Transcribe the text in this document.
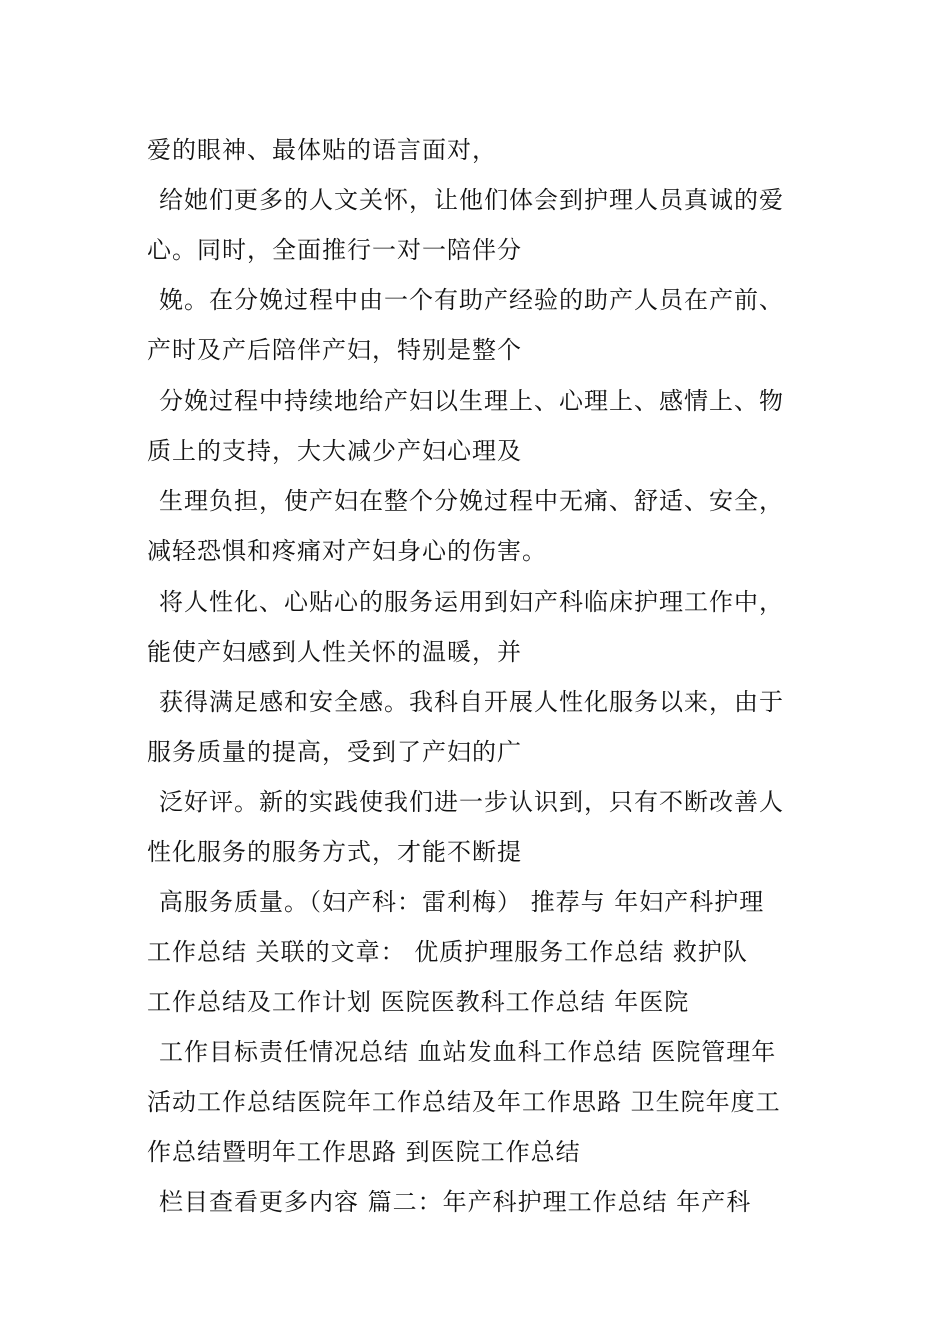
爱的眼神、最体贴的语言面对，
给她们更多的人文关怀，让他们体会到护理人员真诚的爱
心。同时，全面推行一对一陪伴分
娩。在分娩过程中由一个有助产经验的助产人员在产前、
产时及产后陪伴产妇，特别是整个
分娩过程中持续地给产妇以生理上、心理上、感情上、物
质上的支持，大大减少产妇心理及
生理负担，使产妇在整个分娩过程中无痛、舒适、安全，
减轻恐惧和疼痛对产妇身心的伤害。
将人性化、心贴心的服务运用到妇产科临床护理工作中，
能使产妇感到人性关怀的温暖，并
获得满足感和安全感。我科自开展人性化服务以来，由于
服务质量的提高，受到了产妇的广
泛好评。新的实践使我们进一步认识到，只有不断改善人
性化服务的服务方式，才能不断提
高服务质量。（妇产科：雷利梅） 推荐与 年妇产科护理
工作总结 关联的文章： 优质护理服务工作总结 救护队
工作总结及工作计划 医院医教科工作总结 年医院
工作目标责任情况总结 血站发血科工作总结 医院管理年
活动工作总结医院年工作总结及年工作思路 卫生院年度工
作总结暨明年工作思路 到医院工作总结
栏目查看更多内容 篇二：年产科护理工作总结 年产科
